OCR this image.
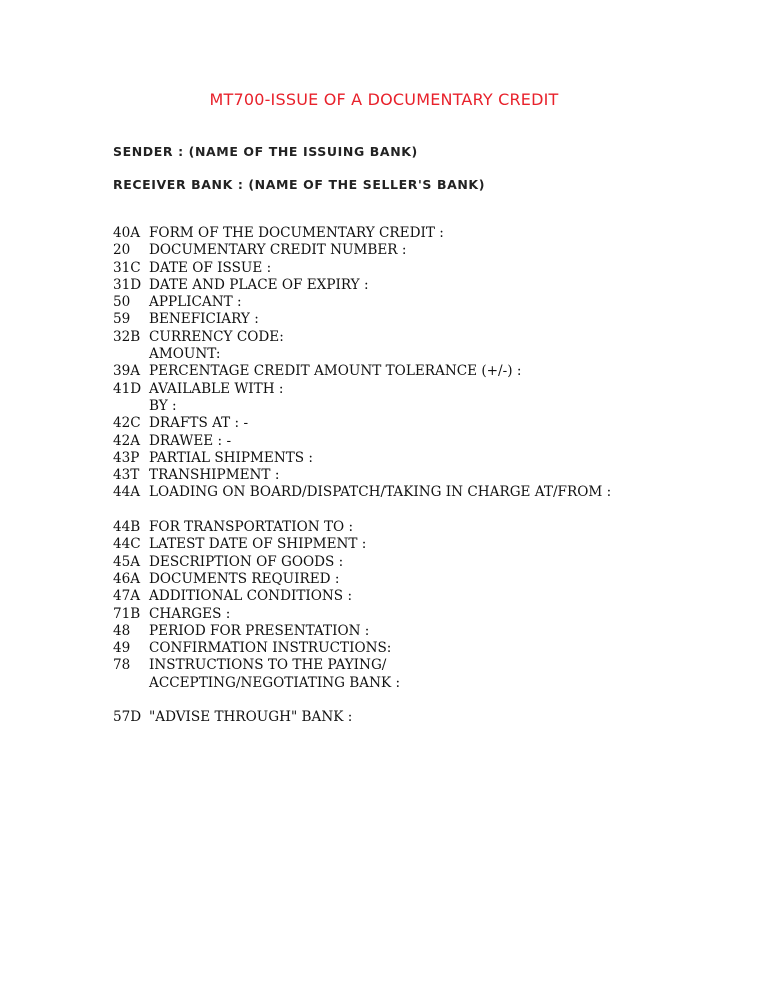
MT700-ISSUE OF A DOCUMENTARY CREDIT
SENDER : (NAME OF THE ISSUING BANK)
RECEIVER BANK : (NAME OF THE SELLER'S BANK)
40A FORM OF THE DOCUMENTARY CREDIT :
20 DOCUMENTARY CREDIT NUMBER :
31C DATE OF ISSUE :
31D DATE AND PLACE OF EXPIRY :
50 APPLICANT :
59 BENEFICIARY :
32B CURRENCY CODE:
AMOUNT:
39A PERCENTAGE CREDIT AMOUNT TOLERANCE (+/-) :
41D AVAILABLE WITH :
BY :
42C DRAFTS AT : -
42A DRAWEE : -
43P PARTIAL SHIPMENTS :
43T TRANSHIPMENT :
44A LOADING ON BOARD/DISPATCH/TAKING IN CHARGE AT/FROM :
44B FOR TRANSPORTATION TO :
44C LATEST DATE OF SHIPMENT :
45A DESCRIPTION OF GOODS :
46A DOCUMENTS REQUIRED :
47A ADDITIONAL CONDITIONS :
71B CHARGES :
48 PERIOD FOR PRESENTATION :
49 CONFIRMATION INSTRUCTIONS:
78 INSTRUCTIONS TO THE PAYING/
ACCEPTING/NEGOTIATING BANK :
57D "ADVISE THROUGH" BANK :
